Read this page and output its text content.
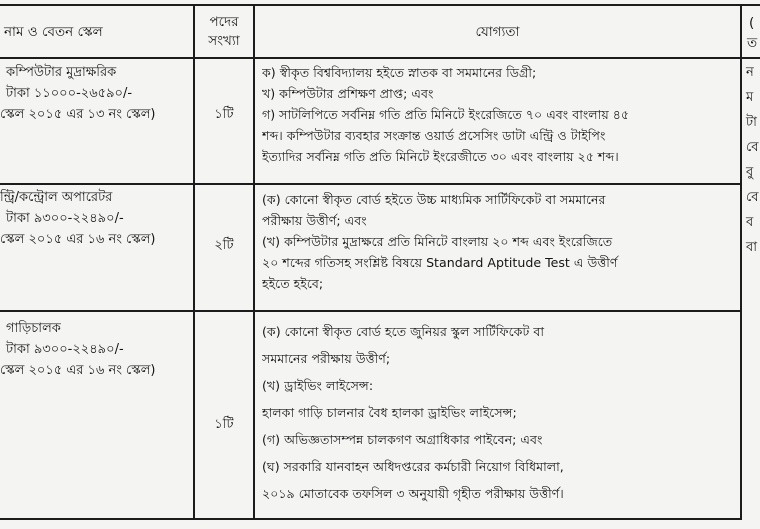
নাম ও বেতন স্কেল
পদের
সংখ্যা
যোগ্যতা
(
ত
কম্পিউটার মুদ্রাক্ষরিক
টাকা ১১০০০-২৬৫৯০/-
স্কেল ২০১৫ এর ১৩ নং স্কেল)	১টি
ক) স্বীকৃত বিশ্ববিদ্যালয় হইতে স্নাতক বা সমমানের ডিগ্রী;
খ) কম্পিউটার প্রশিক্ষণ প্রাপ্ত; এবং
গ) সাটলিপিতে সর্বনিম্ন গতি প্রতি মিনিটে ইংরেজিতে ৭০ এবং বাংলায় ৪৫
শব্দ। কম্পিউটার ব্যবহার সংক্রান্ত ওয়ার্ড প্রসেসিং ডাটা এন্ট্রি ও টাইপিং
ইত্যাদির সর্বনিম্ন গতি প্রতি মিনিটে ইংরেজীতে ৩০ এবং বাংলায় ২৫ শব্দ।
ন্ট্রি/কন্ট্রোল অপারেটর
টাকা ৯৩০০-২২৪৯০/-
স্কেল ২০১৫ এর ১৬ নং স্কেল)	২টি
(ক) কোনো স্বীকৃত বোর্ড হইতে উচ্চ মাধ্যমিক সার্টিফিকেট বা সমমানের
পরীক্ষায় উত্তীর্ণ; এবং
(খ) কম্পিউটার মুদ্রাক্ষরে প্রতি মিনিটে বাংলায় ২০ শব্দ এবং ইংরেজিতে
২০ শব্দের গতিসহ সংশ্লিষ্ট বিষয়ে Standard Aptitude Test এ উত্তীর্ণ
হইতে হইবে;
গাড়িচালক
টাকা ৯৩০০-২২৪৯০/-
স্কেল ২০১৫ এর ১৬ নং স্কেল)
১টি
(ক) কোনো স্বীকৃত বোর্ড হতে জুনিয়র স্কুল সার্টিফিকেট বা
সমমানের পরীক্ষায় উত্তীর্ণ;
(খ) ড্রাইভিং লাইসেন্স:
হালকা গাড়ি চালনার বৈধ হালকা ড্রাইভিং লাইসেন্স;
(গ) অভিজ্ঞতাসম্পন্ন চালকগণ অগ্রাধিকার পাইবেন; এবং
(ঘ) সরকারি যানবাহন অধিদপ্তরের কর্মচারী নিয়োগ বিধিমালা,
২০১৯ মোতাবেক তফসিল ৩ অনুযায়ী গৃহীত পরীক্ষায় উত্তীর্ণ।
ন
ম
টা
বে
বু
বে
ব
বা
